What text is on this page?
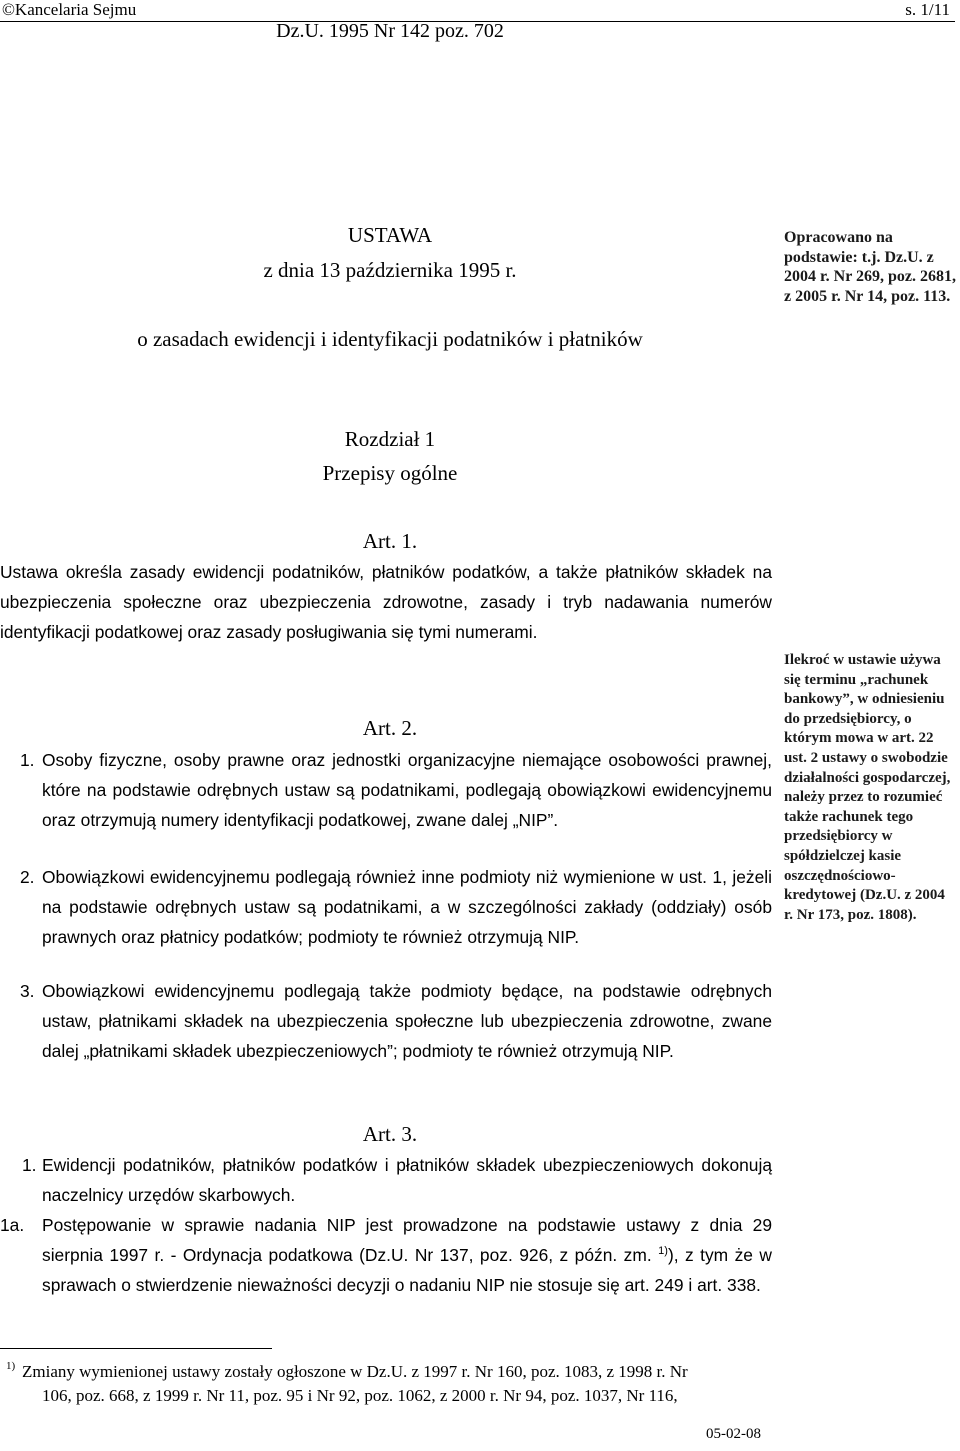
©Kancelaria Sejmu	s. 1/11
Dz.U. 1995 Nr 142 poz. 702
USTAWA
z dnia 13 października 1995 r.
o zasadach ewidencji i identyfikacji podatników i płatników
Opracowano na podstawie: t.j. Dz.U. z 2004 r. Nr 269, poz. 2681, z 2005 r. Nr 14, poz. 113.
Rozdział 1
Przepisy ogólne
Art. 1.
Ustawa określa zasady ewidencji podatników, płatników podatków, a także płatników składek na ubezpieczenia społeczne oraz ubezpieczenia zdrowotne, zasady i tryb nadawania numerów identyfikacji podatkowej oraz zasady posługiwania się tymi numerami.
Ilekroć w ustawie używa się terminu „rachunek bankowy”, w odniesieniu do przedsiębiorcy, o którym mowa w art. 22 ust. 2 ustawy o swobodzie działalności gospodarczej, należy przez to rozumieć także rachunek tego przedsiębiorcy w spółdzielczej kasie oszczędnościowo-kredytowej (Dz.U. z 2004 r. Nr 173, poz. 1808).
Art. 2.
1. Osoby fizyczne, osoby prawne oraz jednostki organizacyjne niemające osobowości prawnej, które na podstawie odrębnych ustaw są podatnikami, podlegają obowiązkowi ewidencyjnemu oraz otrzymują numery identyfikacji podatkowej, zwane dalej „NIP”.
2. Obowiązkowi ewidencyjnemu podlegają również inne podmioty niż wymienione w ust. 1, jeżeli na podstawie odrębnych ustaw są podatnikami, a w szczególności zakłady (oddziały) osób prawnych oraz płatnicy podatków; podmioty te również otrzymują NIP.
3. Obowiązkowi ewidencyjnemu podlegają także podmioty będące, na podstawie odrębnych ustaw, płatnikami składek na ubezpieczenia społeczne lub ubezpieczenia zdrowotne, zwane dalej „płatnikami składek ubezpieczeniowych”; podmioty te również otrzymują NIP.
Art. 3.
1. Ewidencji podatników, płatników podatków i płatników składek ubezpieczeniowych dokonują naczelnicy urzędów skarbowych.
1a. Postępowanie w sprawie nadania NIP jest prowadzone na podstawie ustawy z dnia 29 sierpnia 1997 r. - Ordynacja podatkowa (Dz.U. Nr 137, poz. 926, z późn. zm. $^{1)}$), z tym że w sprawach o stwierdzenie nieważności decyzji o nadaniu NIP nie stosuje się art. 249 i art. 338.
1) Zmiany wymienionej ustawy zostały ogłoszone w Dz.U. z 1997 r. Nr 160, poz. 1083, z 1998 r. Nr
106, poz. 668, z 1999 r. Nr 11, poz. 95 i Nr 92, poz. 1062, z 2000 r. Nr 94, poz. 1037, Nr 116,
05-02-08
